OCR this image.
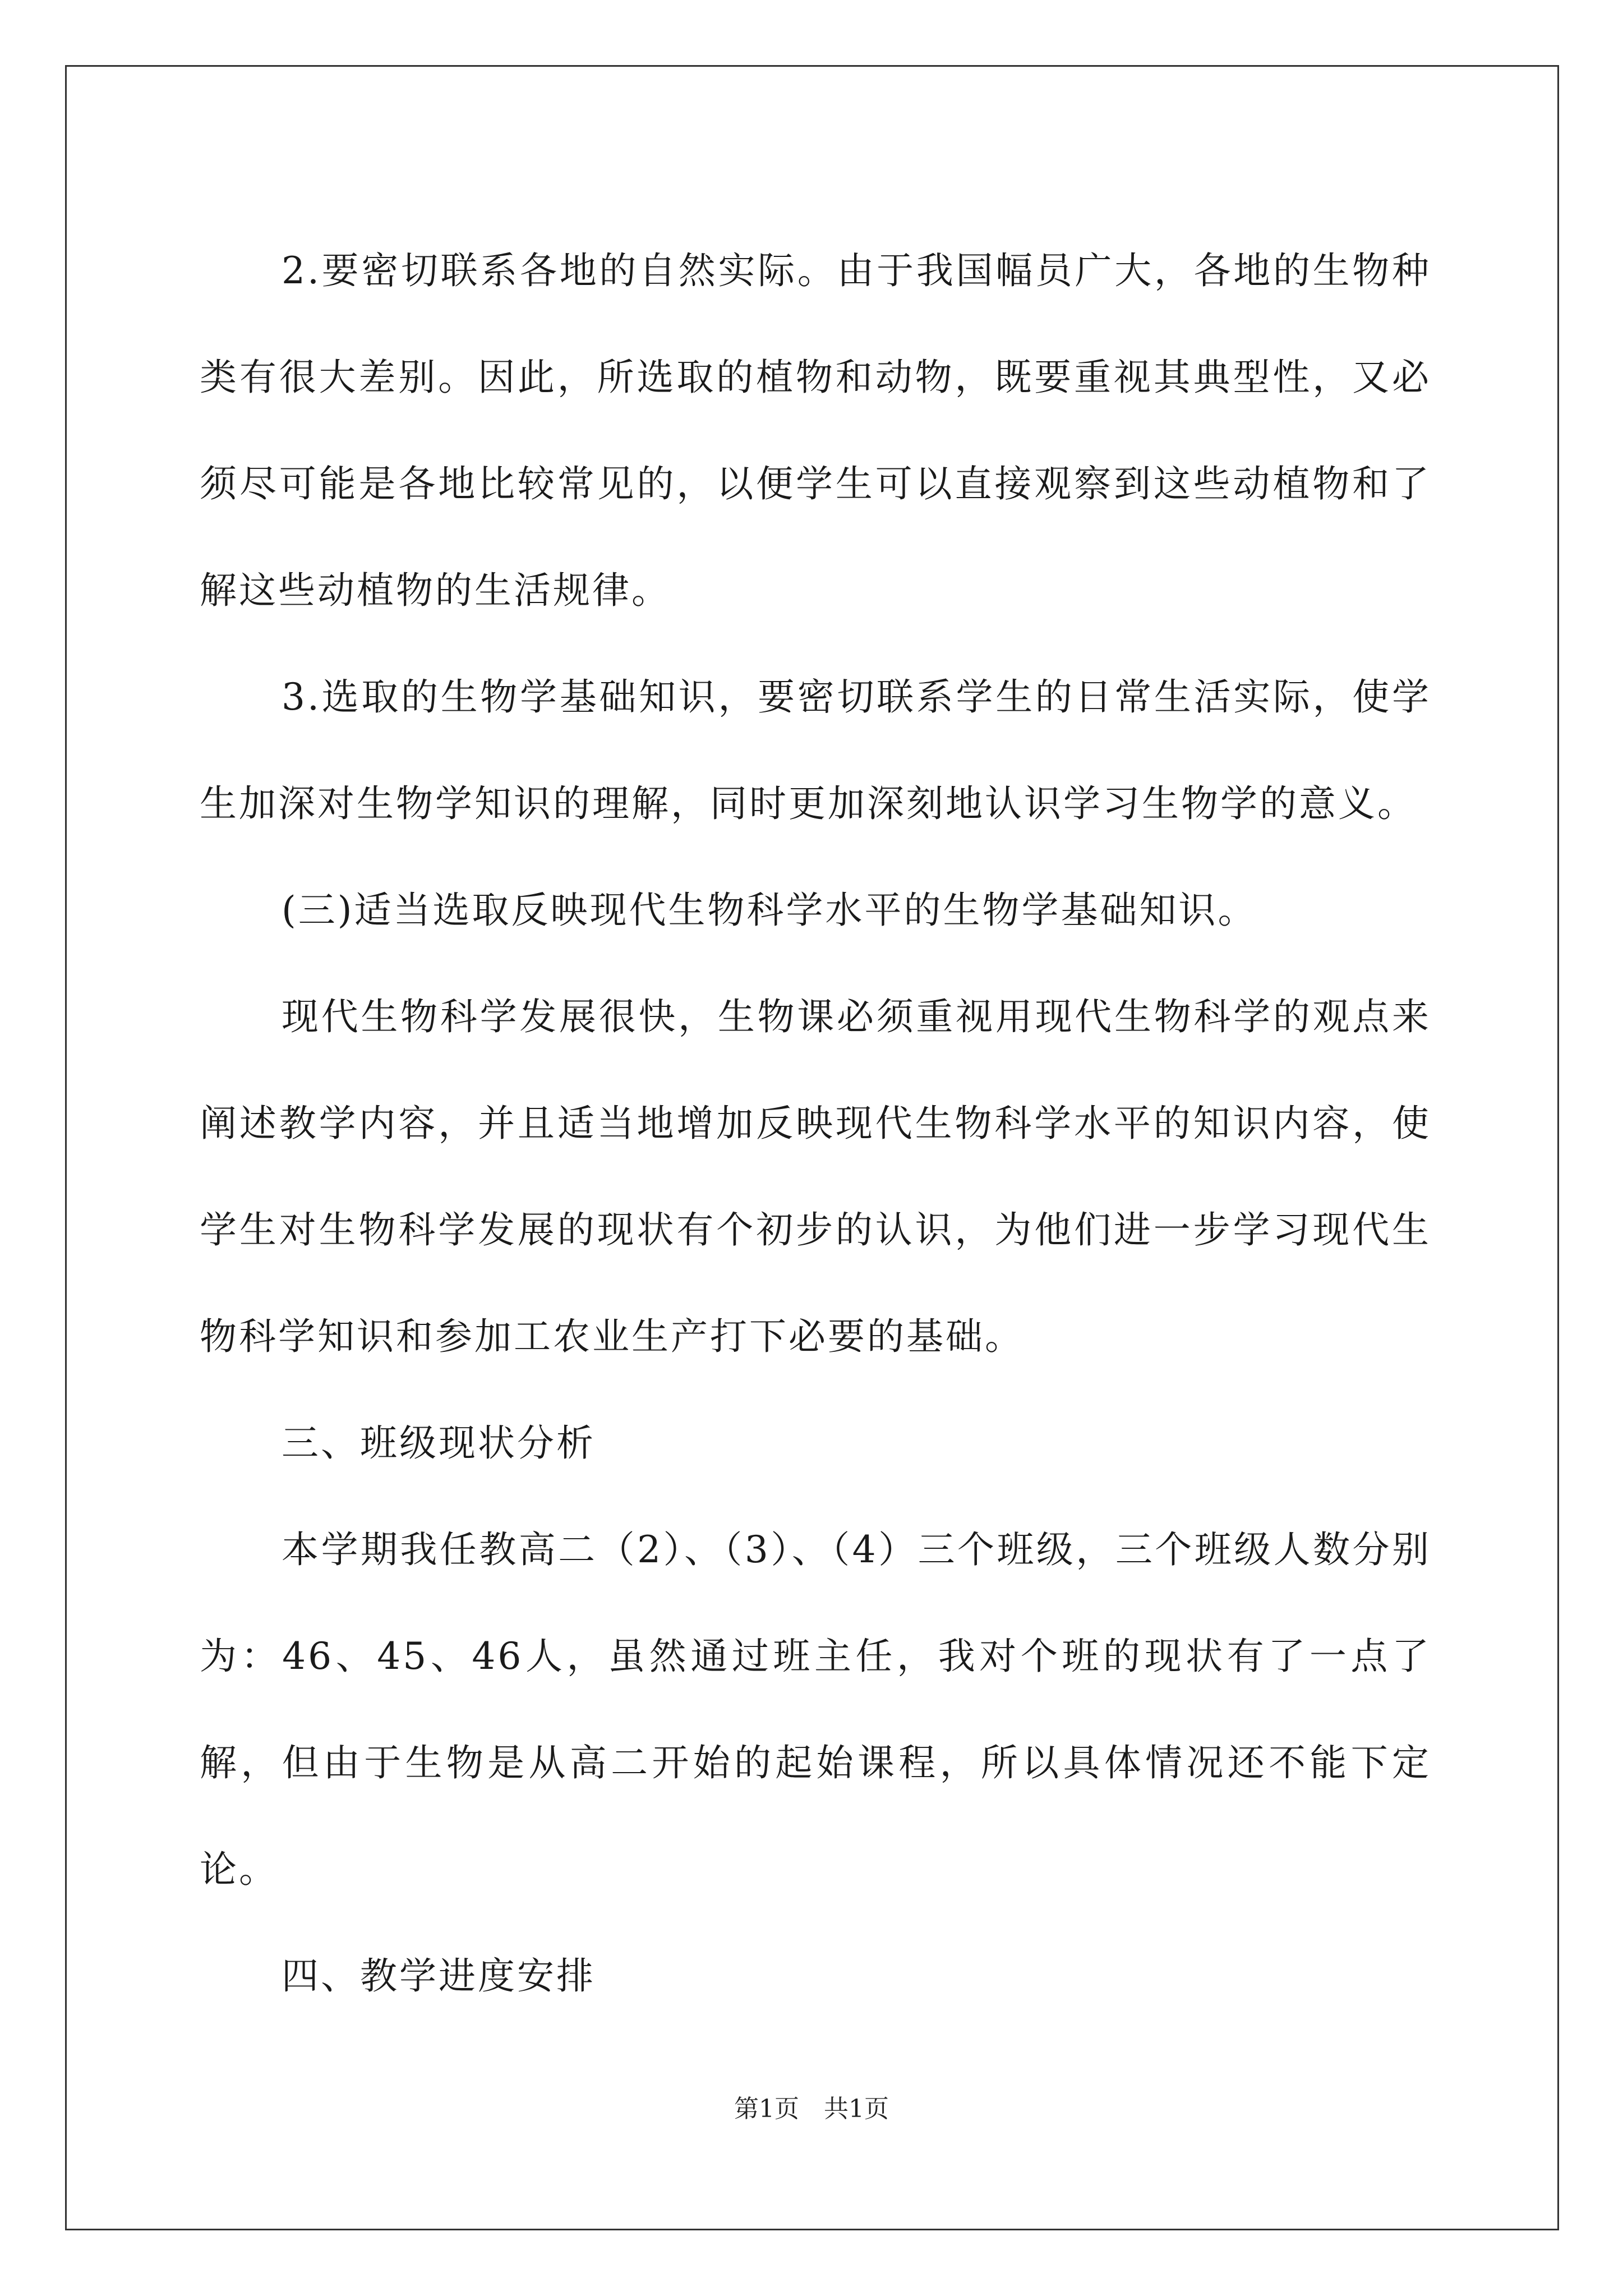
2.要密切联系各地的自然实际。由于我国幅员广大，各地的生物种类有很大差别。因此，所选取的植物和动物，既要重视其典型性，又必须尽可能是各地比较常见的，以便学生可以直接观察到这些动植物和了解这些动植物的生活规律。

3.选取的生物学基础知识，要密切联系学生的日常生活实际，使学生加深对生物学知识的理解，同时更加深刻地认识学习生物学的意义。

(三)适当选取反映现代生物科学水平的生物学基础知识。

现代生物科学发展很快，生物课必须重视用现代生物科学的观点来阐述教学内容，并且适当地增加反映现代生物科学水平的知识内容，使学生对生物科学发展的现状有个初步的认识，为他们进一步学习现代生物科学知识和参加工农业生产打下必要的基础。

三、班级现状分析

本学期我任教高二（2）、（3）、（4）三个班级，三个班级人数分别为：46、45、46人，虽然通过班主任，我对个班的现状有了一点了解，但由于生物是从高二开始的起始课程，所以具体情况还不能下定论。

四、教学进度安排

第1页 共1页
